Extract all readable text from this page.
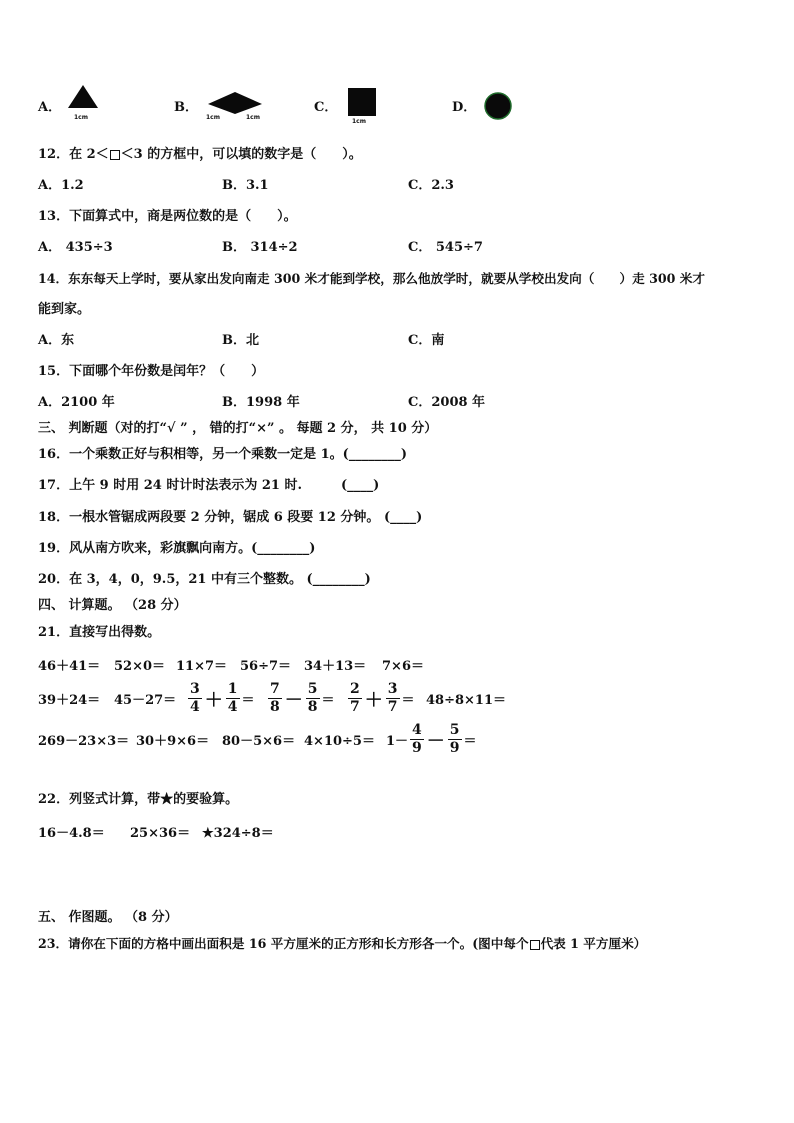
A．
1cm
B．
1cm	1cm
C．
1cm
D．
12．在 2＜ ＜3 的方框中，可以填的数字是（　　）。
A．1.2	B．3.1	C．2.3
13．下面算式中，商是两位数的是（　　）。
A． 435÷3	B． 314÷2	C． 545÷7
14．东东每天上学时，要从家出发向南走 300 米才能到学校，那么他放学时，就要从学校出发向（　　）走 300 米才
能到家。
A．东	B．北	C．南
15．下面哪个年份数是闰年？（　　）
A．2100 年	B．1998 年	C．2008 年
三、 判断题（对的打“√ ” ， 错的打“×” 。 每题 2 分， 共 10 分）
16．一个乘数正好与积相等，另一个乘数一定是 1。(________)
17．上午 9 时用 24 时计时法表示为 21 时.　　　(____)
18．一根水管锯成两段要 2 分钟，锯成 6 段要 12 分钟。 (____)
19．风从南方吹来，彩旗飘向南方。(________)
20．在 3，4，0，9.5，21 中有三个整数。 (________)
四、 计算题。 （28 分）
21．直接写出得数。
46＋41＝	52×0＝ 11×7＝ 56÷7＝ 34＋13＝	7×6＝
39＋24＝	$45-27= \frac{3}{4} + \frac{1}{4} = \frac{7}{8} - \frac{5}{8} = \frac{2}{7} + \frac{3}{7} = 48\div 8\times 11=$
$269-23\times 3= 30+9\times 6= 80-5\times 6= 4\times 10\div 5= 1- \frac{4}{9} - \frac{5}{9}$ ＝
22．列竖式计算，带★的要验算。
16－4.8＝	25×36＝ ★324÷8＝
五、 作图题。 （8 分）
23．请你在下面的方格中画出面积是 16 平方厘米的正方形和长方形各一个。(图中每个 代表 1 平方厘米）
